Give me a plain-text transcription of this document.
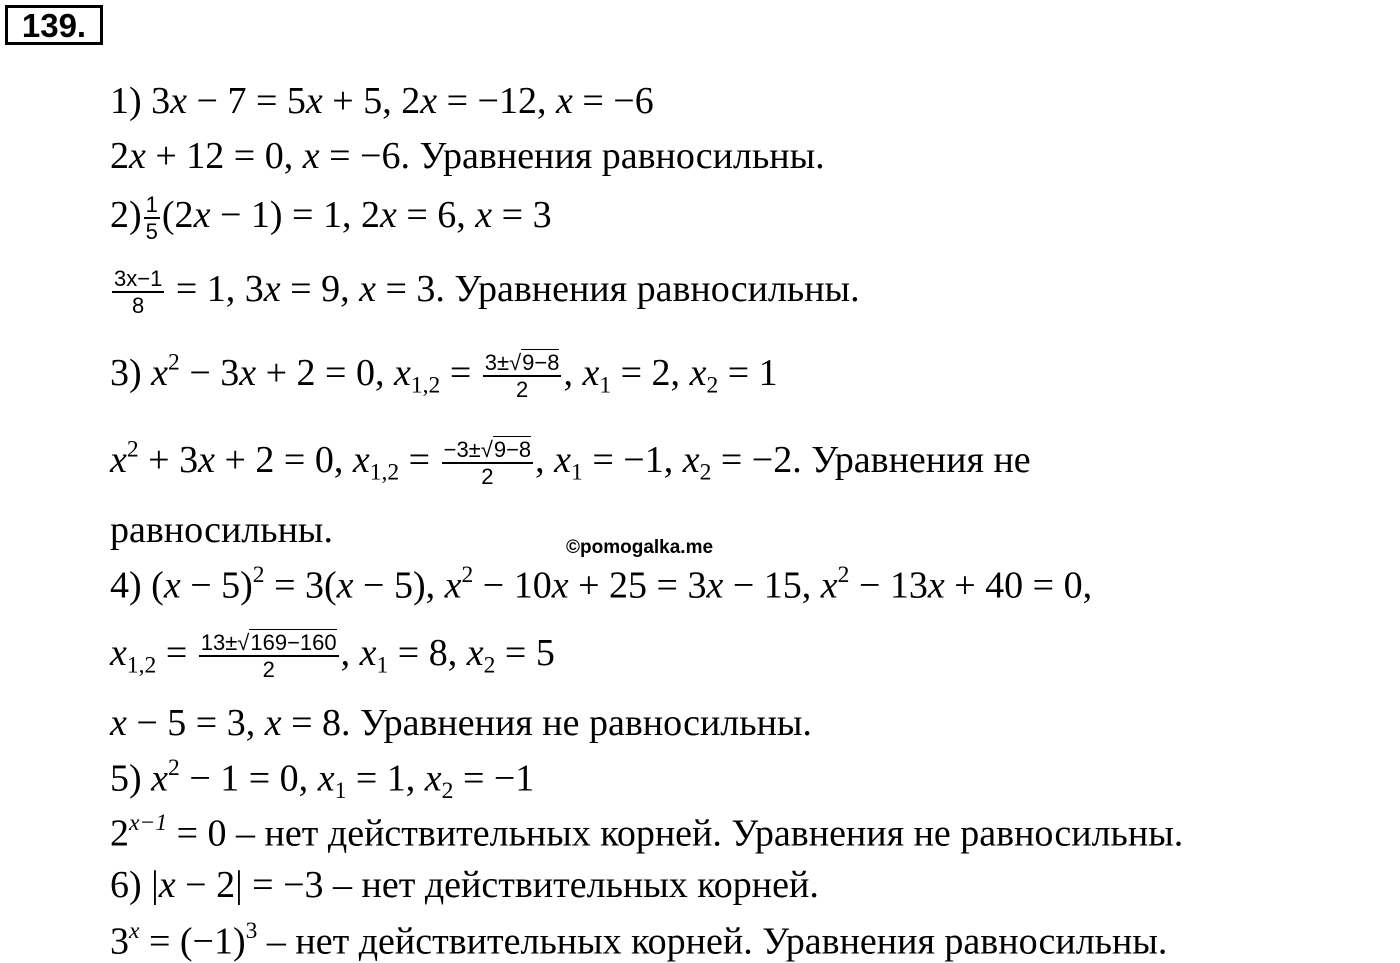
139.
1) 3x − 7 = 5x + 5, 2x = −12, x = −6
2x + 12 = 0, x = −6. Уравнения равносильны.
$2) \frac{1}{5} (2x - 1) = 1$, 2x = 6, x = 3
$\frac{3x-1}{8} = 1$, 3x = 9, x = 3. Уравнения равносильны.
3) $x^2 - 3x + 2 = 0$, $x1,2 = \frac{3\pm√9-8}{2}$ , x1 = 2, x2 = 1
$x^2 + 3x + 2 = 0$, $x1,2 = \frac{-3\pm√9-8}{2}$ , x1 = −1, x2 = −2. Уравнения не
равносильны.	©pomogalka.me
4) $(x - 5)^2 = 3(x - 5)$, $x^2 - 10x + 25 = 3x - 15$, $x^2 - 13x + 40 = 0$,
$x1,2 = \frac{13\pm√169-160}{2}$ , x1 = 8, x2 = 5
x − 5 = 3, x = 8. Уравнения не равносильны.
5) $x^2 - 1 = 0$, x1 = 1, x2 = −1
$2^{x-1} = 0$ – нет действительных корней. Уравнения не равносильны.
6) |x − 2| = −3 – нет действительных корней.
$3^x = (-1)^3$ – нет действительных корней. Уравнения равносильны.
